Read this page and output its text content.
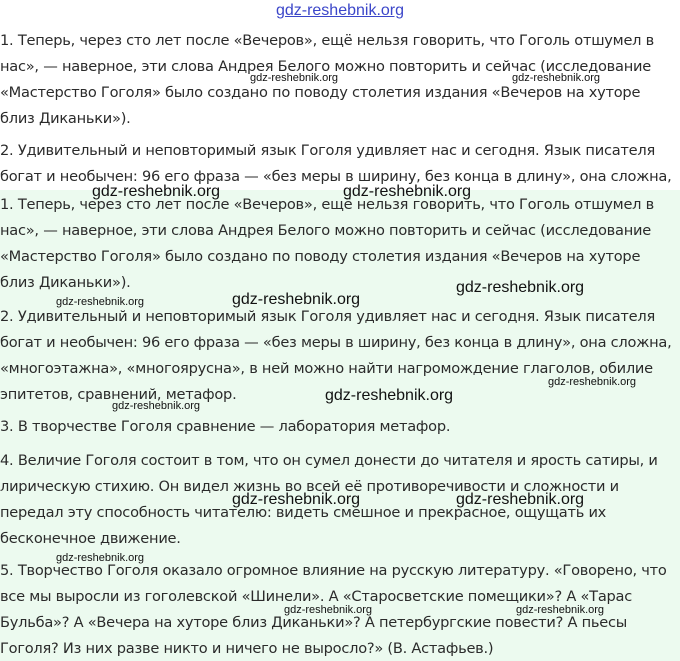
gdz-reshebnik.org
1. Теперь, через сто лет после «Вечеров», ещё нельзя говорить, что Гоголь отшумел в
нас», — наверное, эти слова Андрея Белого можно повторить и сейчас (исследование
«Мастерство Гоголя» было создано по поводу столетия издания «Вечеров на хуторе
близ Диканьки»).
2. Удивительный и неповторимый язык Гоголя удивляет нас и сегодня. Язык писателя
богат и необычен: 96 его фраза — «без меры в ширину, без конца в длину», она сложна,
1. Теперь, через сто лет после «Вечеров», ещё нельзя говорить, что Гоголь отшумел в
нас», — наверное, эти слова Андрея Белого можно повторить и сейчас (исследование
«Мастерство Гоголя» было создано по поводу столетия издания «Вечеров на хуторе
близ Диканьки»).
2. Удивительный и неповторимый язык Гоголя удивляет нас и сегодня. Язык писателя
богат и необычен: 96 его фраза — «без меры в ширину, без конца в длину», она сложна,
«многоэтажна», «многоярусна», в ней можно найти нагромождение глаголов, обилие
эпитетов, сравнений, метафор.
3. В творчестве Гоголя сравнение — лаборатория метафор.
4. Величие Гоголя состоит в том, что он сумел донести до читателя и ярость сатиры, и
лирическую стихию. Он видел жизнь во всей её противоречивости и сложности и
передал эту способность читателю: видеть смешное и прекрасное, ощущать их
бесконечное движение.
5. Творчество Гоголя оказало огромное влияние на русскую литературу. «Говорено, что
все мы выросли из гоголевской «Шинели». А «Старосветские помещики»? А «Тарас
Бульба»? А «Вечера на хуторе близ Диканьки»? А петербургские повести? А пьесы
Гоголя? Из них разве никто и ничего не выросло?» (В. Астафьев.)
gdz-reshebnik.org	gdz-reshebnik.org
gdz-reshebnik.org	gdz-reshebnik.org
gdz-reshebnik.org
gdz-reshebnik.org
gdz-reshebnik.org
gdz-reshebnik.org
gdz-reshebnik.org
gdz-reshebnik.org
gdz-reshebnik.org	gdz-reshebnik.org
gdz-reshebnik.org
gdz-reshebnik.org	gdz-reshebnik.org
